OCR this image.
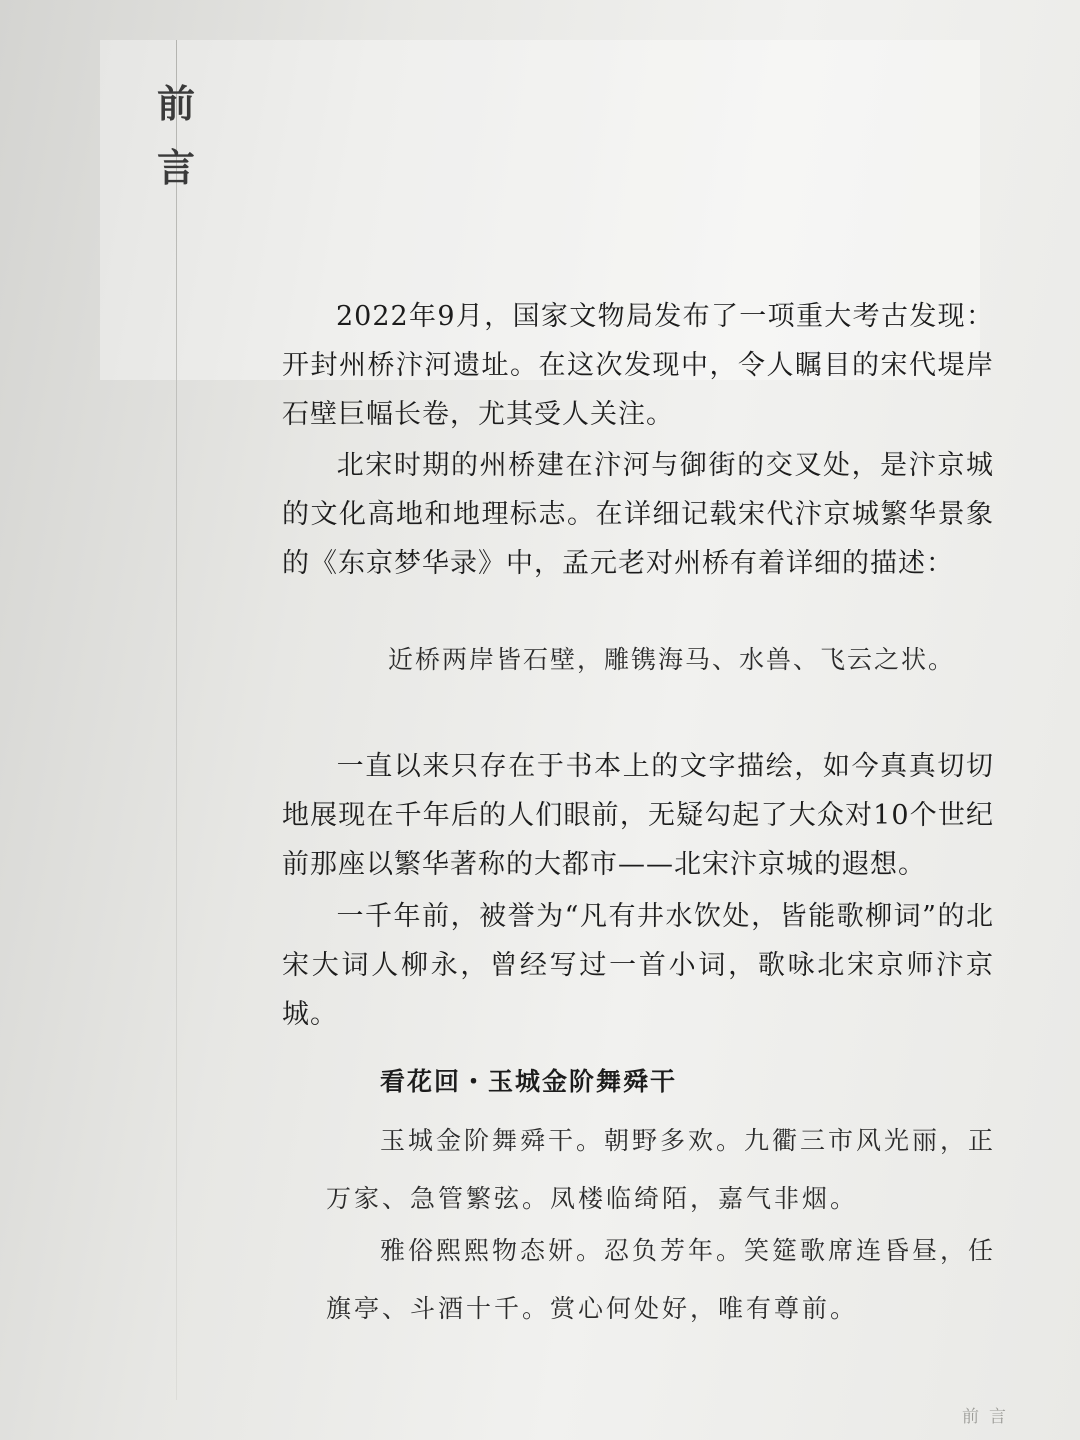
前
言

2022年9月，国家文物局发布了一项重大考古发现：开封州桥汴河遗址。在这次发现中，令人瞩目的宋代堤岸石壁巨幅长卷，尤其受人关注。

北宋时期的州桥建在汴河与御街的交叉处，是汴京城的文化高地和地理标志。在详细记载宋代汴京城繁华景象的《东京梦华录》中，孟元老对州桥有着详细的描述：

近桥两岸皆石壁，雕镌海马、水兽、飞云之状。

一直以来只存在于书本上的文字描绘，如今真真切切地展现在千年后的人们眼前，无疑勾起了大众对10个世纪前那座以繁华著称的大都市——北宋汴京城的遐想。

一千年前，被誉为“凡有井水饮处，皆能歌柳词”的北宋大词人柳永，曾经写过一首小词，歌咏北宋京师汴京城。

看花回・玉城金阶舞舜干

玉城金阶舞舜干。朝野多欢。九衢三市风光丽，正万家、急管繁弦。凤楼临绮陌，嘉气非烟。

雅俗熙熙物态妍。忍负芳年。笑筵歌席连昏昼，任旗亭、斗酒十千。赏心何处好，唯有尊前。

前言
